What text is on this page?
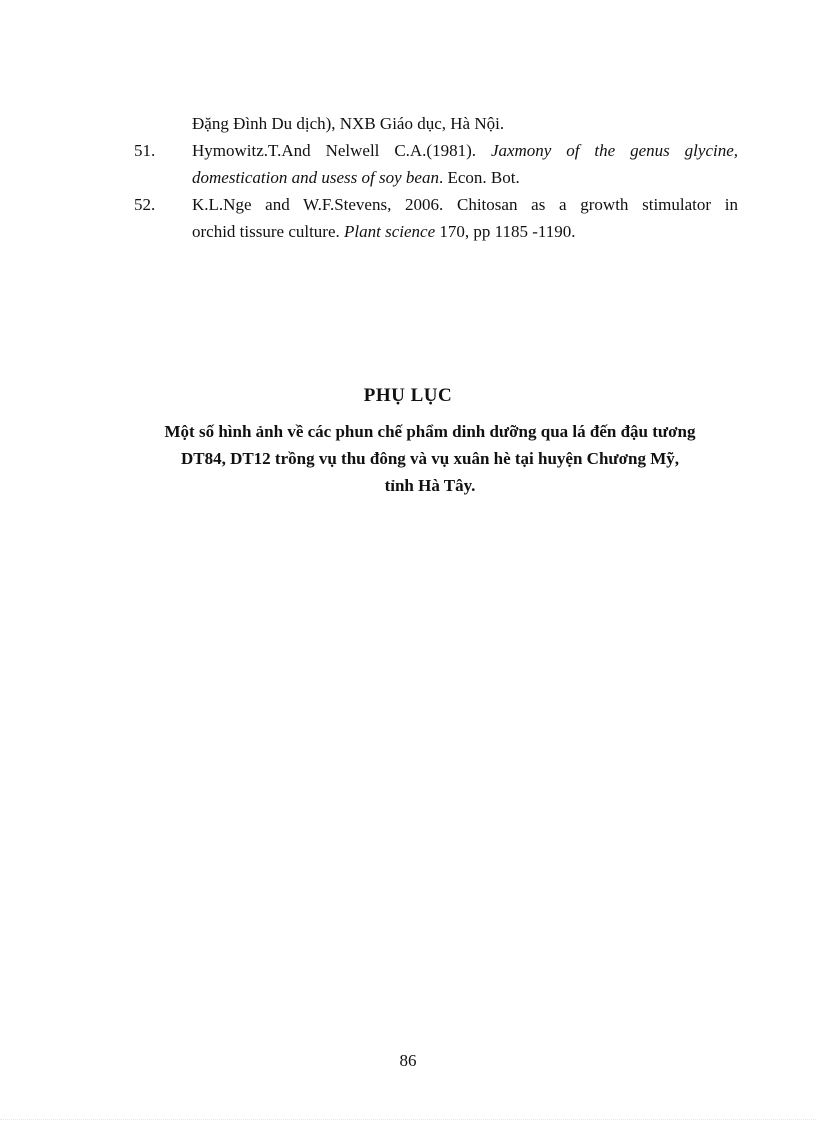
Đặng Đình Du dịch), NXB Giáo dục, Hà Nội.
51. Hymowitz.T.And Nelwell C.A.(1981). Jaxmony of the genus glycine,
domestication and usess of soy bean. Econ. Bot.
52. K.L.Nge and W.F.Stevens, 2006. Chitosan as a growth stimulator in
orchid tissure culture. Plant science 170, pp 1185 -1190.
PHỤ LỤC
Một số hình ảnh về các phun chế phẩm dinh dưỡng qua lá đến đậu tương
DT84, DT12 trồng vụ thu đông và vụ xuân hè tại huyện Chương Mỹ,
tỉnh Hà Tây.
86
